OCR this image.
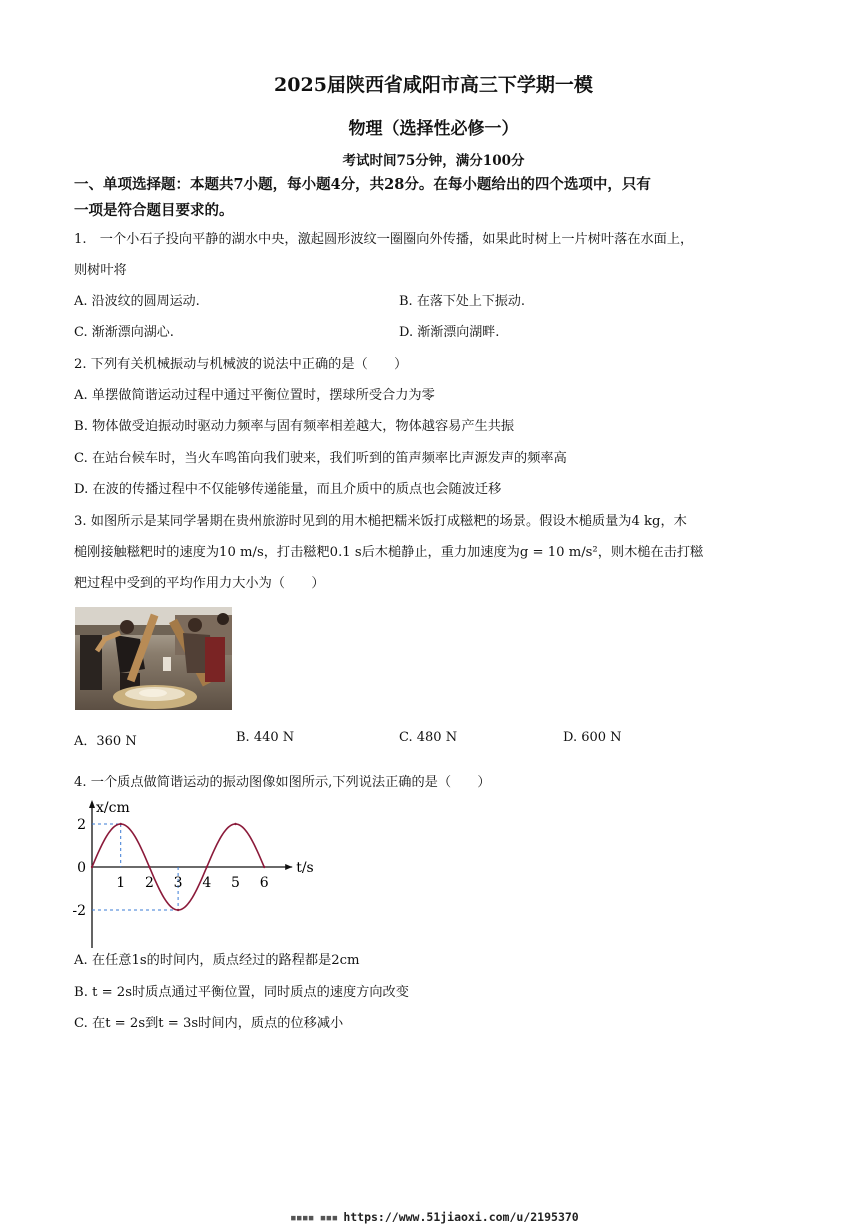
2025届陕西省咸阳市高三下学期一模
物理（选择性必修一）
考试时间75分钟，满分100分
一、单项选择题：本题共7小题，每小题4分，共28分。在每小题给出的四个选项中，只有
一项是符合题目要求的。
1.　一个小石子投向平静的湖水中央，激起圆形波纹一圈圈向外传播，如果此时树上一片树叶落在水面上，
则树叶将
A. 沿波纹的圆周运动.	B. 在落下处上下振动.
C. 渐渐漂向湖心.	D. 渐渐漂向湖畔.
2. 下列有关机械振动与机械波的说法中正确的是（　　）
A. 单摆做简谐运动过程中通过平衡位置时，摆球所受合力为零
B. 物体做受迫振动时驱动力频率与固有频率相差越大，物体越容易产生共振
C. 在站台候车时，当火车鸣笛向我们驶来，我们听到的笛声频率比声源发声的频率高
D. 在波的传播过程中不仅能够传递能量，而且介质中的质点也会随波迁移
3. 如图所示是某同学暑期在贵州旅游时见到的用木槌把糯米饭打成糍粑的场景。假设木槌质量为4 kg，木
槌刚接触糍粑时的速度为10 m/s，打击糍粑0.1 s后木槌静止，重力加速度为g = 10 m/s²，则木槌在击打糍
粑过程中受到的平均作用力大小为（　　）
A．360 N	B. 440 N	C. 480 N	D. 600 N
4. 一个质点做简谐运动的振动图像如图所示,下列说法正确的是（　　）
x/cm
t/s
2
0
-2
1 2 3 4 5 6
A. 在任意1s的时间内，质点经过的路程都是2cm
B. t = 2s时质点通过平衡位置，同时质点的速度方向改变
C. 在t = 2s到t = 3s时间内，质点的位移减小
▪▪▪▪ ▪▪▪ https://www.51jiaoxi.com/u/2195370
